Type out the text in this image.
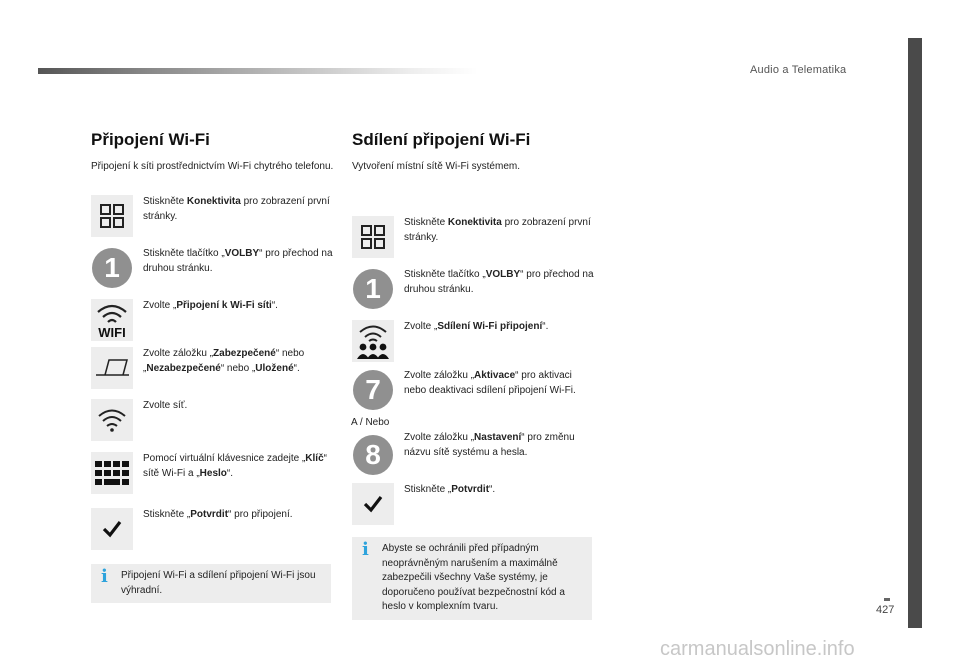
Audio a Telematika
427
carmanualsonline.info
Připojení Wi-Fi
Připojení k síti prostřednictvím Wi-Fi chytrého telefonu.
Stiskněte Konektivita pro zobrazení první stránky.
1	Stiskněte tlačítko „VOLBY“ pro přechod na druhou stránku.
WIFI
Zvolte „Připojení k Wi-Fi síti“.
Zvolte záložku „Zabezpečené“ nebo „Nezabezpečené“ nebo „Uložené“.
Zvolte síť.
Pomocí virtuální klávesnice zadejte „Klíč“ sítě Wi-Fi a „Heslo“.
Stiskněte „Potvrdit“ pro připojení.
i Připojení Wi-Fi a sdílení připojení Wi-Fi jsou výhradní.
Sdílení připojení Wi-Fi
Vytvoření místní sítě Wi-Fi systémem.
Stiskněte Konektivita pro zobrazení první stránky.
1	Stiskněte tlačítko „VOLBY“ pro přechod na druhou stránku.
Zvolte „Sdílení Wi-Fi připojení“.
7	Zvolte záložku „Aktivace“ pro aktivaci nebo deaktivaci sdílení připojení Wi-Fi.
A / Nebo
8
Zvolte záložku „Nastavení“ pro změnu názvu sítě systému a hesla.
Stiskněte „Potvrdit“.
i Abyste se ochránili před případným neoprávněným narušením a maximálně zabezpečili všechny Vaše systémy, je doporučeno používat bezpečnostní kód a heslo v komplexním tvaru.
